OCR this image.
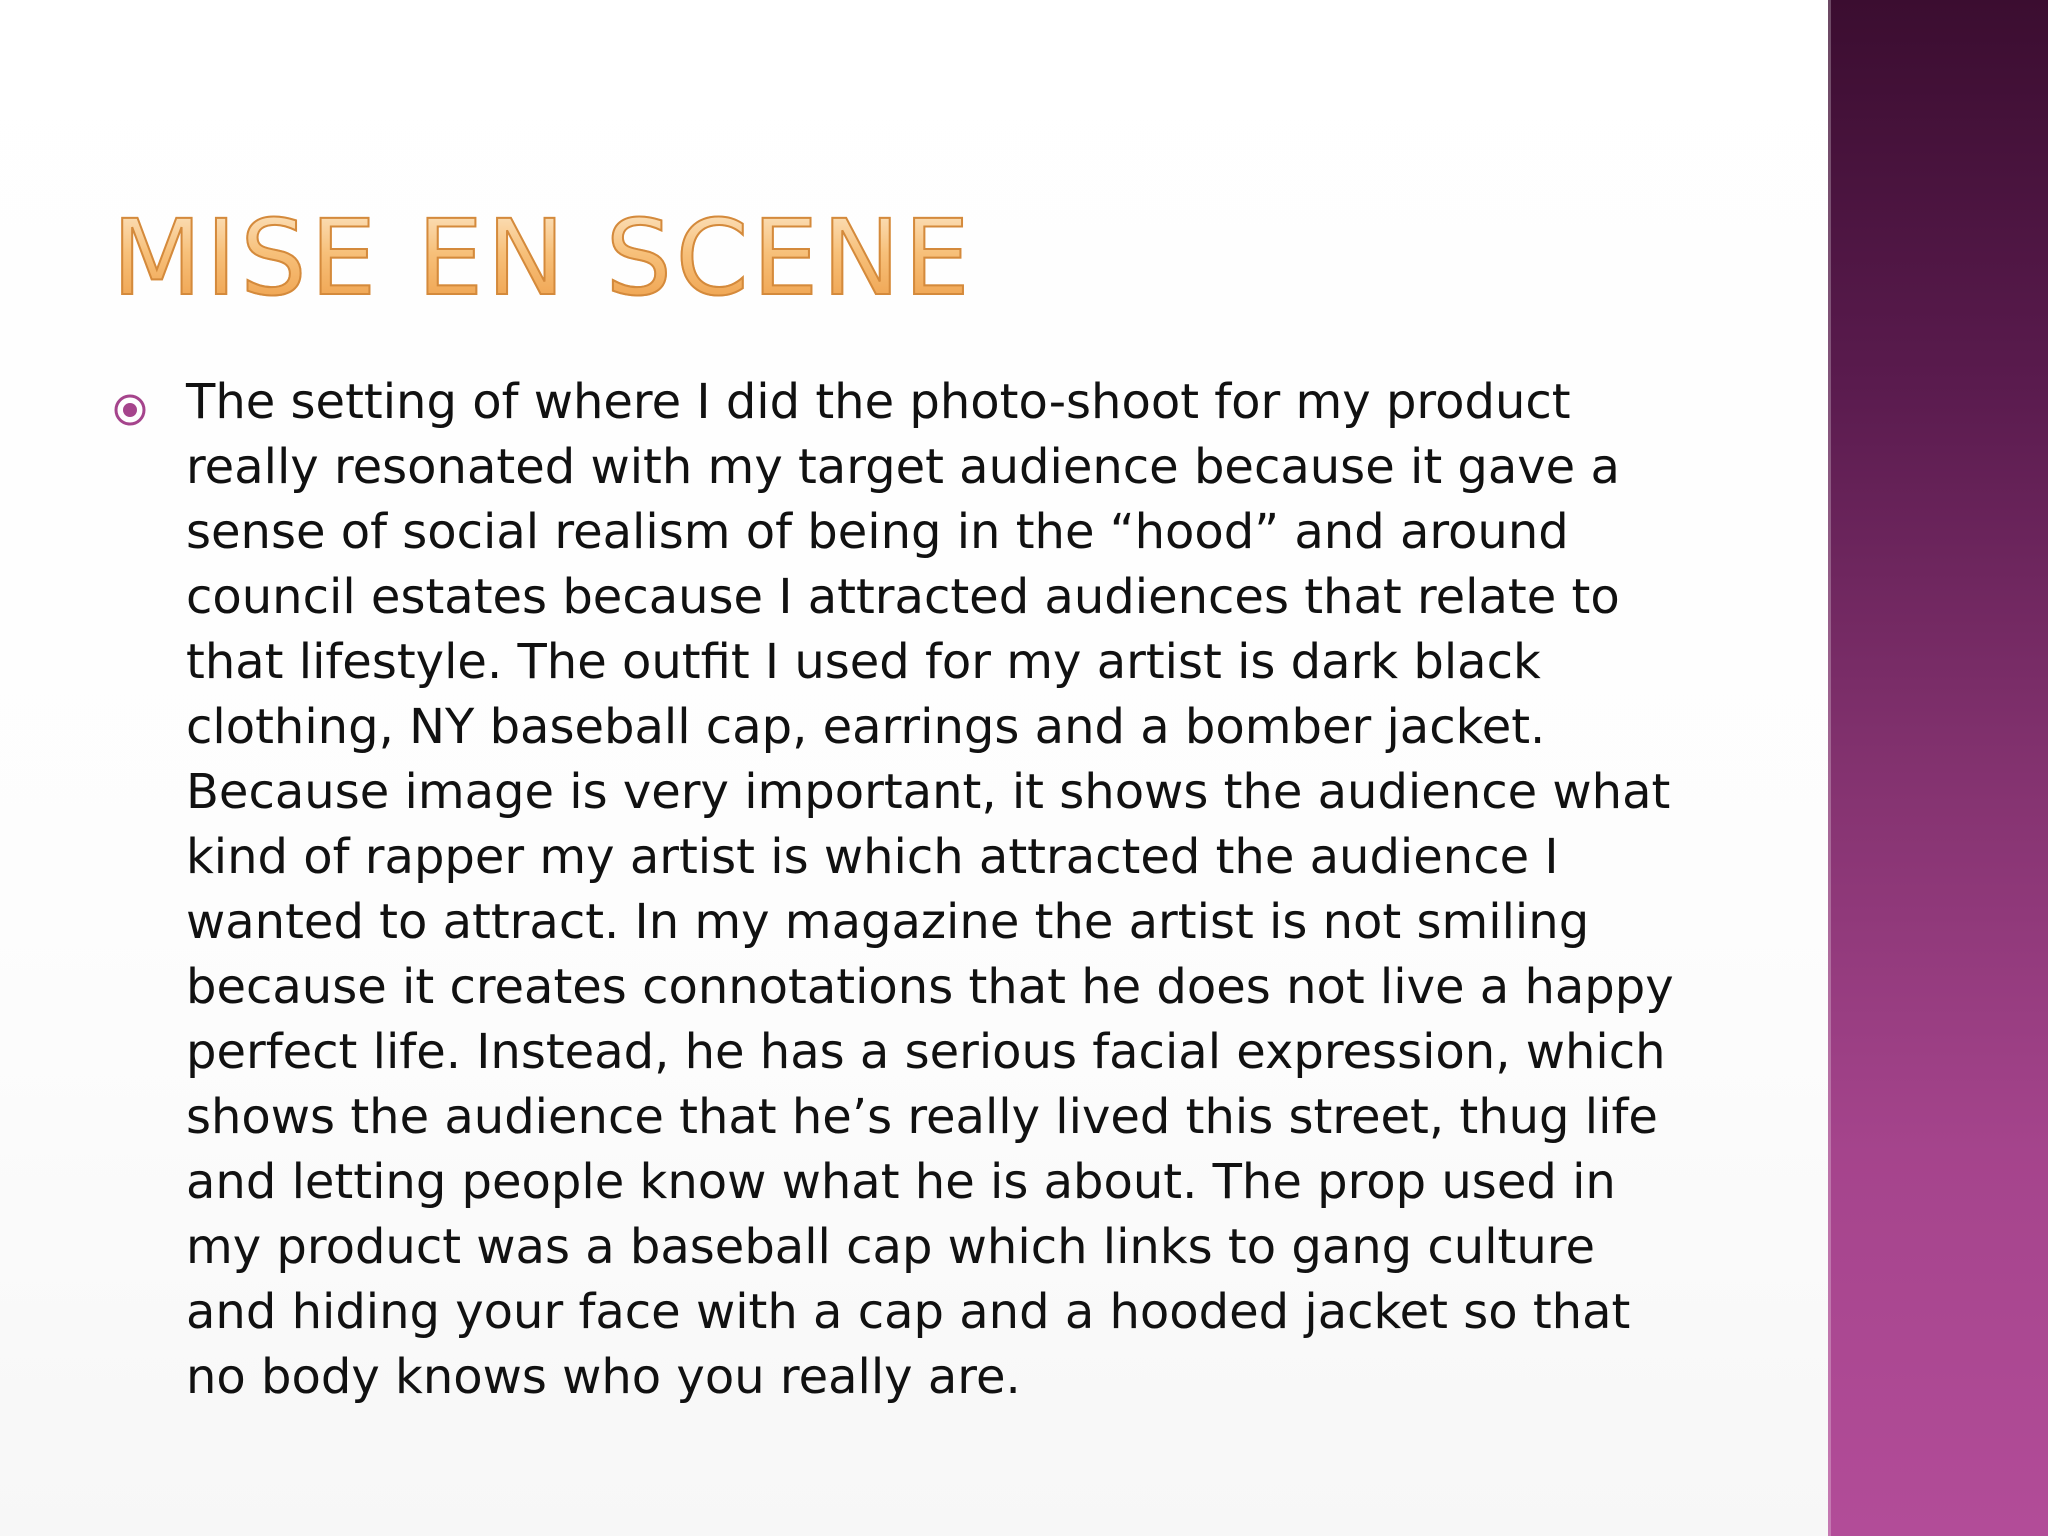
MISE EN SCENE

The setting of where I did the photo-shoot for my product really resonated with my target audience because it gave a sense of social realism of being in the “hood” and around council estates because I attracted audiences that relate to that lifestyle. The outfit I used for my artist is dark black clothing, NY baseball cap, earrings and a bomber jacket. Because image is very important, it shows the audience what kind of rapper my artist is which attracted the audience I wanted to attract. In my magazine the artist is not smiling because it creates connotations that he does not live a happy perfect life. Instead, he has a serious facial expression, which shows the audience that he’s really lived this street, thug life and letting people know what he is about. The prop used in my product was a baseball cap which links to gang culture and hiding your face with a cap and a hooded jacket so that no body knows who you really are.
